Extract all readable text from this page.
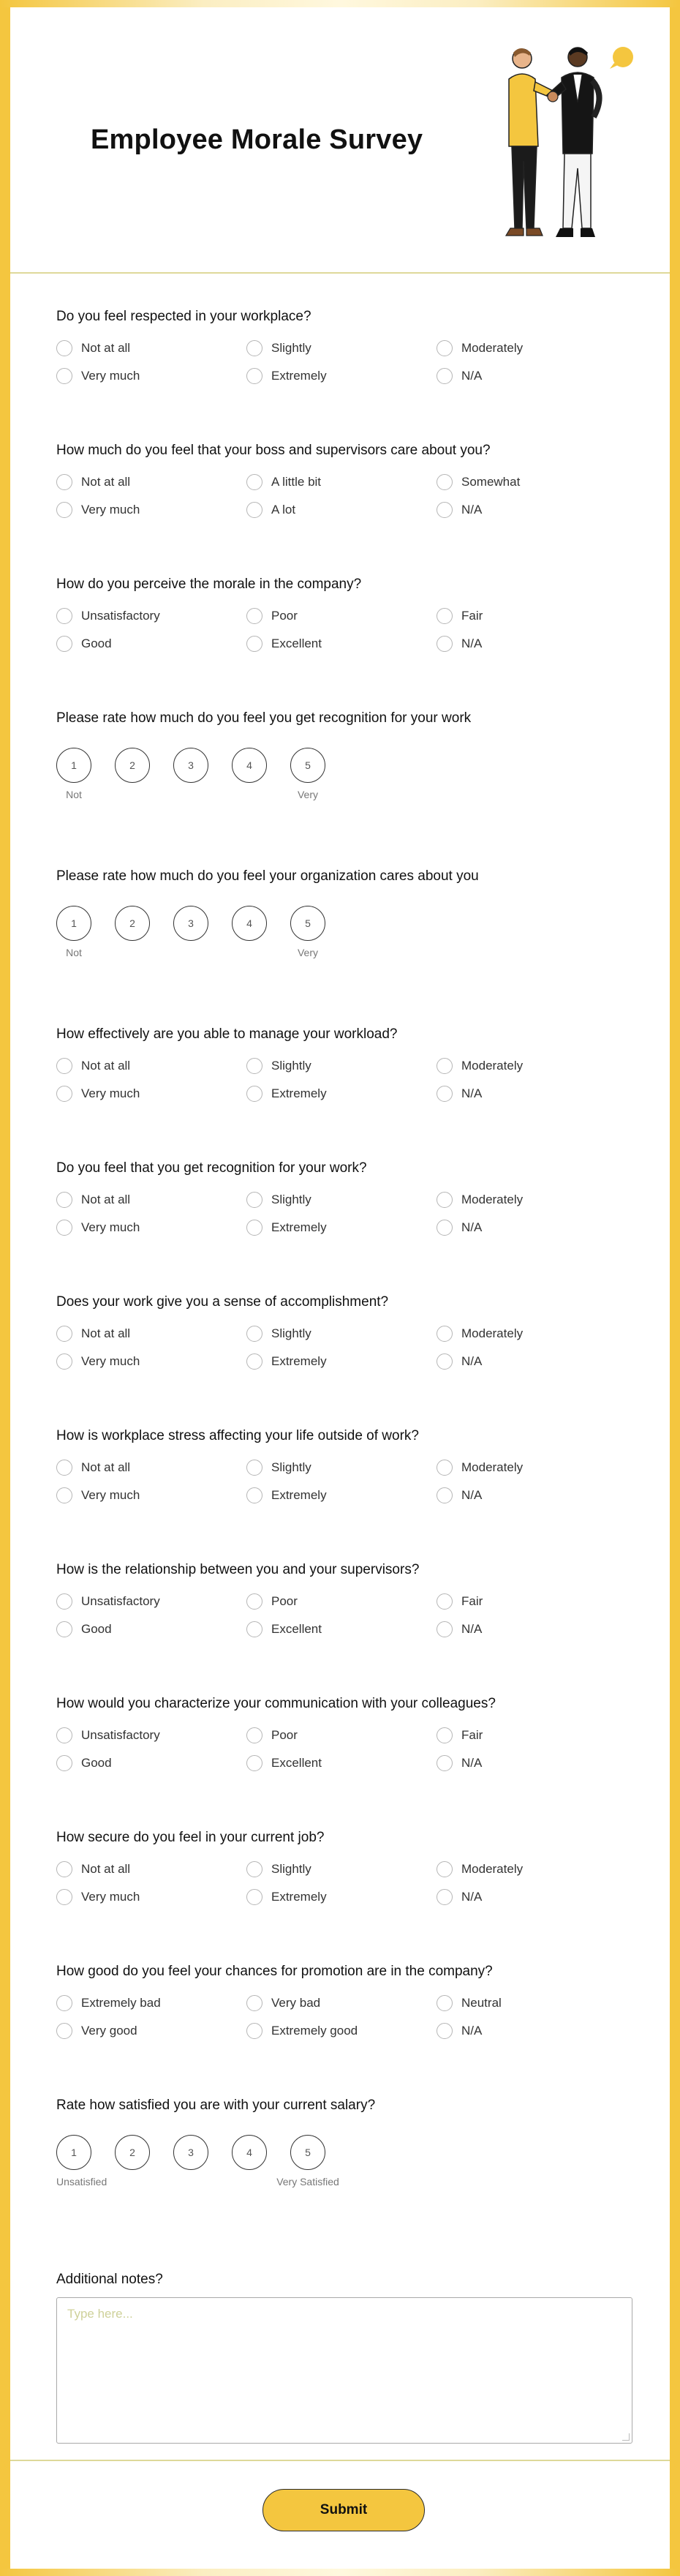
Employee Morale Survey
Do you feel respected in your workplace?
Not at all	Slightly	Moderately
Very much	Extremely	N/A
How much do you feel that your boss and supervisors care about you?
Not at all	A little bit	Somewhat
Very much	A lot	N/A
How do you perceive the morale in the company?
Unsatisfactory	Poor	Fair
Good	Excellent	N/A
Please rate how much do you feel you get recognition for your work
1	2	3	4	5
Not	Very
Please rate how much do you feel your organization cares about you
1	2	3	4	5
Not	Very
How effectively are you able to manage your workload?
Not at all	Slightly	Moderately
Very much	Extremely	N/A
Do you feel that you get recognition for your work?
Not at all	Slightly	Moderately
Very much	Extremely	N/A
Does your work give you a sense of accomplishment?
Not at all	Slightly	Moderately
Very much	Extremely	N/A
How is workplace stress affecting your life outside of work?
Not at all	Slightly	Moderately
Very much	Extremely	N/A
How is the relationship between you and your supervisors?
Unsatisfactory	Poor	Fair
Good	Excellent	N/A
How would you characterize your communication with your colleagues?
Unsatisfactory	Poor	Fair
Good	Excellent	N/A
How secure do you feel in your current job?
Not at all	Slightly	Moderately
Very much	Extremely	N/A
How good do you feel your chances for promotion are in the company?
Extremely bad	Very bad	Neutral
Very good	Extremely good	N/A
Rate how satisfied you are with your current salary?
1	2	3	4	5
Unsatisfied	Very Satisfied
Additional notes?
Type here...
Submit
